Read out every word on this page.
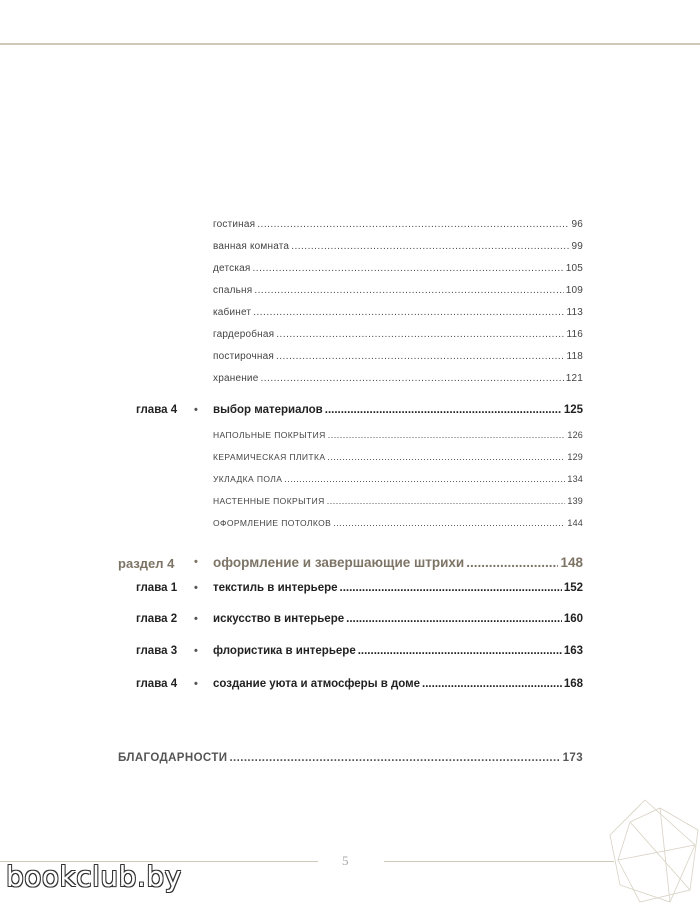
гостиная .....	96
ванная комната .....	99
детская .....	105
спальня .....	109
кабинет .....	113
гардеробная .....	116
постирочная .....	118
хранение .....	121
глава 4 • выбор материалов .....	125
НАПОЛЬНЫЕ ПОКРЫТИЯ .....	126
КЕРАМИЧЕСКАЯ ПЛИТКА .....	129
УКЛАДКА ПОЛА .....	134
НАСТЕННЫЕ ПОКРЫТИЯ .....	139
ОФОРМЛЕНИЕ ПОТОЛКОВ .....	144
раздел 4 • оформление и завершающие штрихи .....	148
глава 1 • текстиль в интерьере .....	152
глава 2 • искусство в интерьере .....	160
глава 3 • флористика в интерьере .....	163
глава 4 • создание уюта и атмосферы в доме .....	168
БЛАГОДАРНОСТИ .....	173
5
bookclub.by
